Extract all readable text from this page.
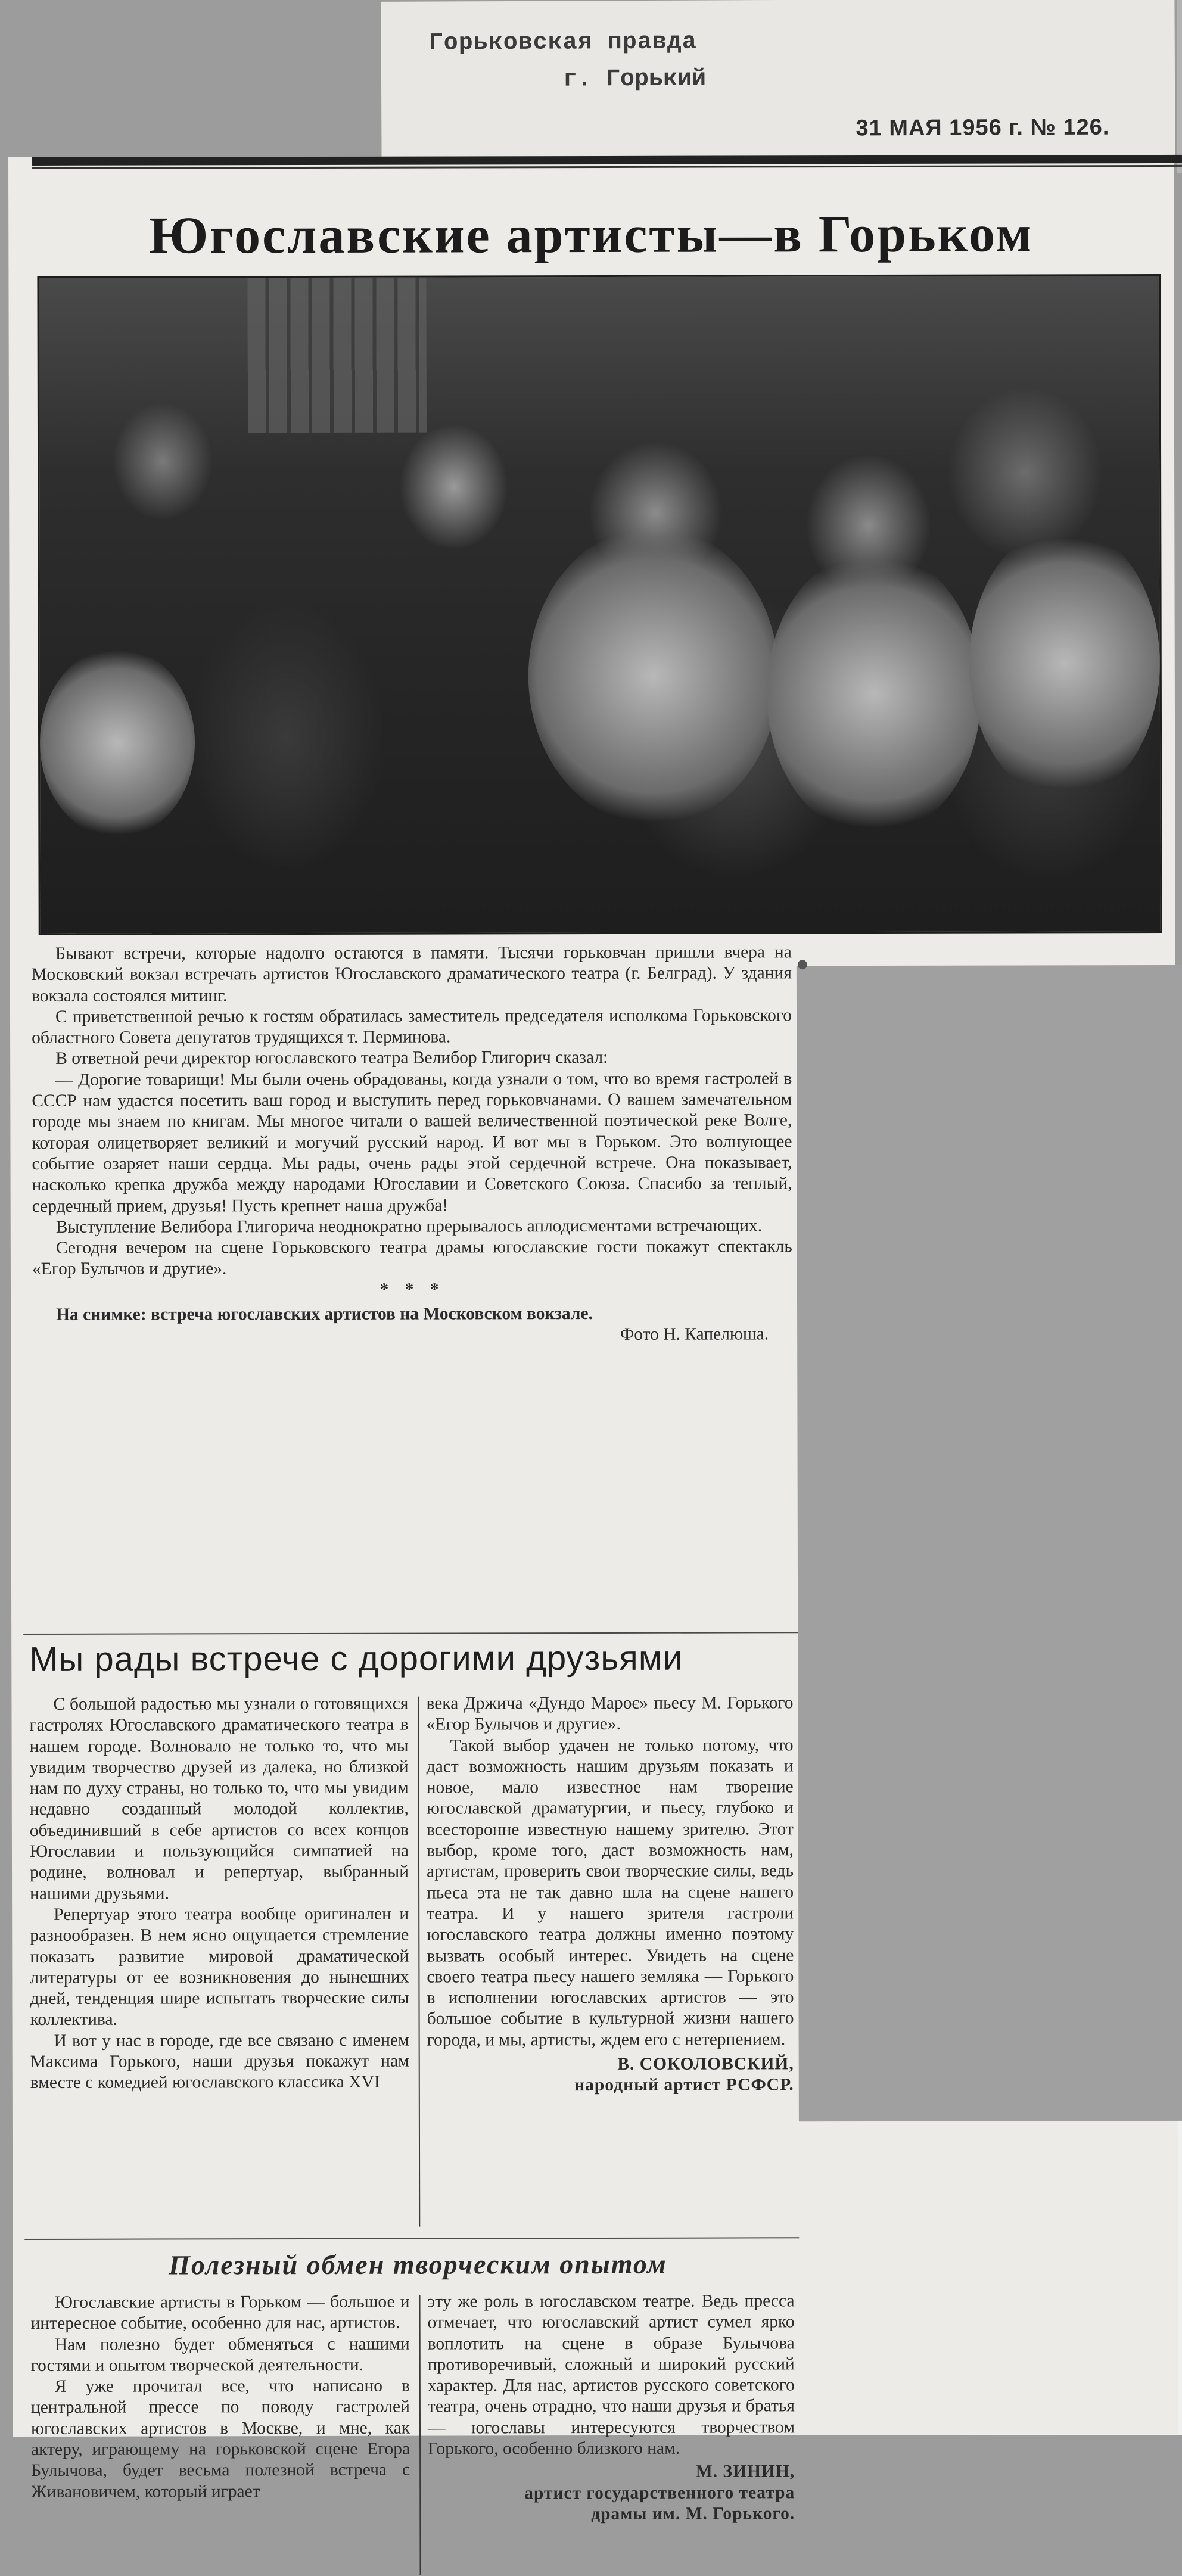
Горьковская правда
г. Горький
31 МАЯ 1956 г. № 126.
Югославские артисты—в Горьком

Бывают встречи, которые надолго остаются в памяти. Тысячи горьковчан пришли вчера на Московский вокзал встречать артистов Югославского драматического театра (г. Белград). У здания вокзала состоялся митинг.

С приветственной речью к гостям обратилась заместитель председателя исполкома Горьковского областного Совета депутатов трудящихся т. Перминова.

В ответной речи директор югославского театра Велибор Глигорич сказал:

— Дорогие товарищи! Мы были очень обрадованы, когда узнали о том, что во время гастролей в СССР нам удастся посетить ваш город и выступить перед горьковчанами. О вашем замечательном городе мы знаем по книгам. Мы многое читали о вашей величественной поэтической реке Волге, которая олицетворяет великий и могучий русский народ. И вот мы в Горьком. Это волнующее событие озаряет наши сердца. Мы рады, очень рады этой сердечной встрече. Она показывает, насколько крепка дружба между народами Югославии и Советского Союза. Спасибо за теплый, сердечный прием, друзья! Пусть крепнет наша дружба!

Выступление Велибора Глигорича неоднократно прерывалось аплодисментами встречающих.

Сегодня вечером на сцене Горьковского театра драмы югославские гости покажут спектакль «Егор Булычов и другие».

* * *

На снимке: встреча югославских артистов на Московском вокзале.

Фото Н. Капелюша.

Мы рады встрече с дорогими друзьями

С большой радостью мы узнали о готовящихся гастролях Югославского драматического театра в нашем городе. Волновало не только то, что мы увидим творчество друзей из далека, но близкой нам по духу страны, но только то, что мы увидим недавно созданный молодой коллектив, объединивший в себе артистов со всех концов Югославии и пользующийся симпатией на родине, волновал и репертуар, выбранный нашими друзьями.

Репертуар этого театра вообще оригинален и разнообразен. В нем ясно ощущается стремление показать развитие мировой драматической литературы от ее возникновения до нынешних дней, тенденция шире испытать творческие силы коллектива.

И вот у нас в городе, где все связано с именем Максима Горького, наши друзья покажут нам вместе с комедией югославского классика XVI

века Држича «Дундо Мароє» пьесу М. Горького «Егор Булычов и другие».

Такой выбор удачен не только потому, что даст возможность нашим друзьям показать и новое, мало известное нам творение югославской драматургии, и пьесу, глубоко и всесторонне известную нашему зрителю. Этот выбор, кроме того, даст возможность нам, артистам, проверить свои творческие силы, ведь пьеса эта не так давно шла на сцене нашего театра. И у нашего зрителя гастроли югославского театра должны именно поэтому вызвать особый интерес. Увидеть на сцене своего театра пьесу нашего земляка — Горького в исполнении югославских артистов — это большое событие в культурной жизни нашего города, и мы, артисты, ждем его с нетерпением.

В. СОКОЛОВСКИЙ,

народный артист РСФСР.

Полезный обмен творческим опытом

Югославские артисты в Горьком — большое и интересное событие, особенно для нас, артистов.

Нам полезно будет обменяться с нашими гостями и опытом творческой деятельности.

Я уже прочитал все, что написано в центральной прессе по поводу гастролей югославских артистов в Москве, и мне, как актеру, играющему на горьковской сцене Егора Булычова, будет весьма полезной встреча с Живановичем, который играет

эту же роль в югославском театре. Ведь пресса отмечает, что югославский артист сумел ярко воплотить на сцене в образе Булычова противоречивый, сложный и широкий русский характер. Для нас, артистов русского советского театра, очень отрадно, что наши друзья и братья — югославы интересуются творчеством Горького, особенно близкого нам.

М. ЗИНИН,

артист государственного театра

драмы им. М. Горького.
